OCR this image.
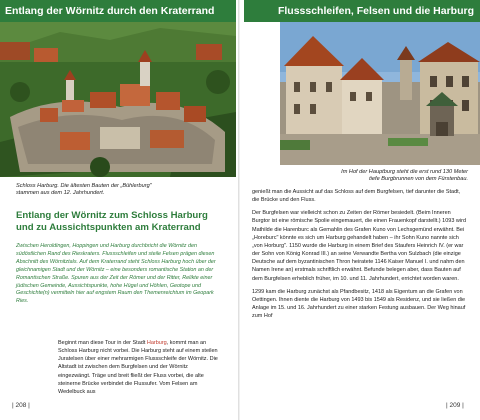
Entlang der Wörnitz durch den Kraterrand
Schloss Harburg. Die ältesten Bauten der „Bühlerburg" stammen aus dem 12. Jahrhundert.
Entlang der Wörnitz zum Schloss Harburg und zu Aussichtspunkten am Kraterrand
Zwischen Heroldingen, Hoppingen und Harburg durchbricht die Wörnitz den südöstlichen Rand des Rieskraters. Flussschleifen und steile Felsen prägen diesen Abschnitt des Wörnitztals. Auf dem Kraterrand steht Schloss Harburg hoch über der gleichnamigen Stadt und der Wörnitz – eine besonders romantische Station an der Romantischen Straße. Spuren aus der Zeit der Römer und der Ritter, Relikte einer jüdischen Gemeinde, Aussichtspunkte, hohe Hügel und Höhlen, Geotope und Geschichte(n) vermitteln hier auf engstem Raum den Themenreichtum im Geopark Ries.
Beginnt man diese Tour in der Stadt Harburg, kommt man an Schloss Harburg nicht vorbei. Die Harburg steht auf einem steilen Juratelsen über einer mehrarmigen Flussschleife der Wörnitz. Die Altstadt ist zwischen dem Burgfelsen und der Wörnitz eingezwängt. Träge und breit fließt der Fluss vorbei, die alte steinerne Brücke verbindet die Flussufer. Vom Felsen am Wedelbuck aus
| 208 |
Flussschleifen, Felsen und die Harburg
Im Hof der Hauptburg steht die erst rund 130 Meter tiefe Burgbrunnen von dem Fürstenbau.

genießt man die Aussicht auf das Schloss auf dem Burgfelsen, tief darunter die Stadt, die Brücke und den Fluss.

Der Burgfelsen war vielleicht schon zu Zeiten der Römer besiedelt. (Beim Inneren Burgtor ist eine römische Spolie eingemauert, die einen Frauenkopf darstellt.) 1093 wird Mathilde die Harenburc als Gemahlin des Grafen Kuno von Lechsgemünd erwähnt. Bei „Horeburc" könnte es sich um Harburg gehandelt haben – ihr Sohn Kuno nannte sich „von Horburg". 1150 wurde die Harburg in einem Brief des Staufers Heinrich IV. (er war der Sohn von König Konrad III.) an seine Verwandte Bertha von Sulzbach (die einzige Deutsche auf dem byzantinischen Thron heiratete 1146 Kaiser Manuel I. und nahm den Namen Irene an) erstmals schriftlich erwähnt. Befunde belegen aber, dass Bauten auf dem Burgfelsen erheblich früher, im 10. und 11. Jahrhundert, errichtet worden waren.

1299 kam die Harburg zunächst als Pfandbesitz, 1418 als Eigentum an die Grafen von Oettingen. Ihnen diente die Harburg von 1493 bis 1549 als Residenz, und sie ließen die Anlage im 15. und 16. Jahrhundert zu einer starken Festung ausbauen. Der Weg hinauf zum Hof

| 209 |
